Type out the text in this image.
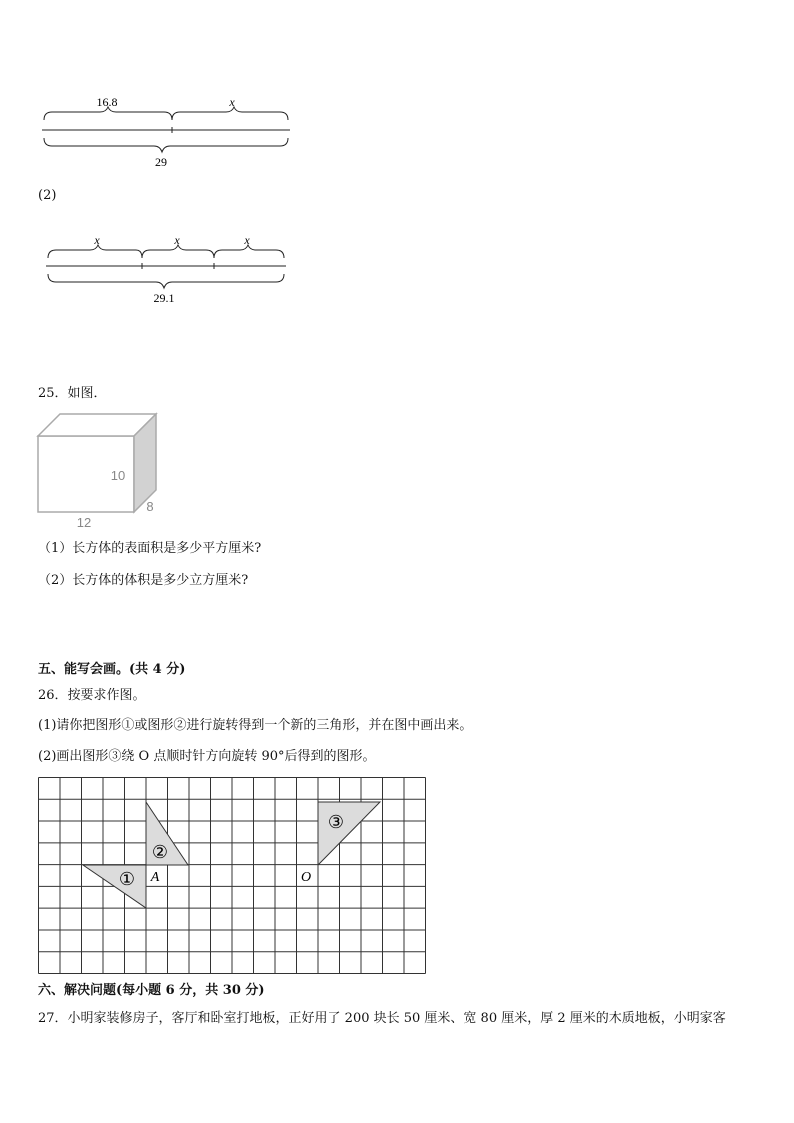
16.8	x
29
(2)
x	x	x
29.1
25．如图．
10
12
8
（1）长方体的表面积是多少平方厘米?
（2）长方体的体积是多少立方厘米?
五、能写会画。(共 4 分)
26．按要求作图。
(1)请你把图形①或图形②进行旋转得到一个新的三角形，并在图中画出来。
(2)画出图形③绕 O 点顺时针方向旋转 90°后得到的图形。
①
②
③
A	O
六、解决问题(每小题 6 分，共 30 分)
27．小明家装修房子，客厅和卧室打地板，正好用了 200 块长 50 厘米、宽 80 厘米，厚 2 厘米的木质地板，小明家客
